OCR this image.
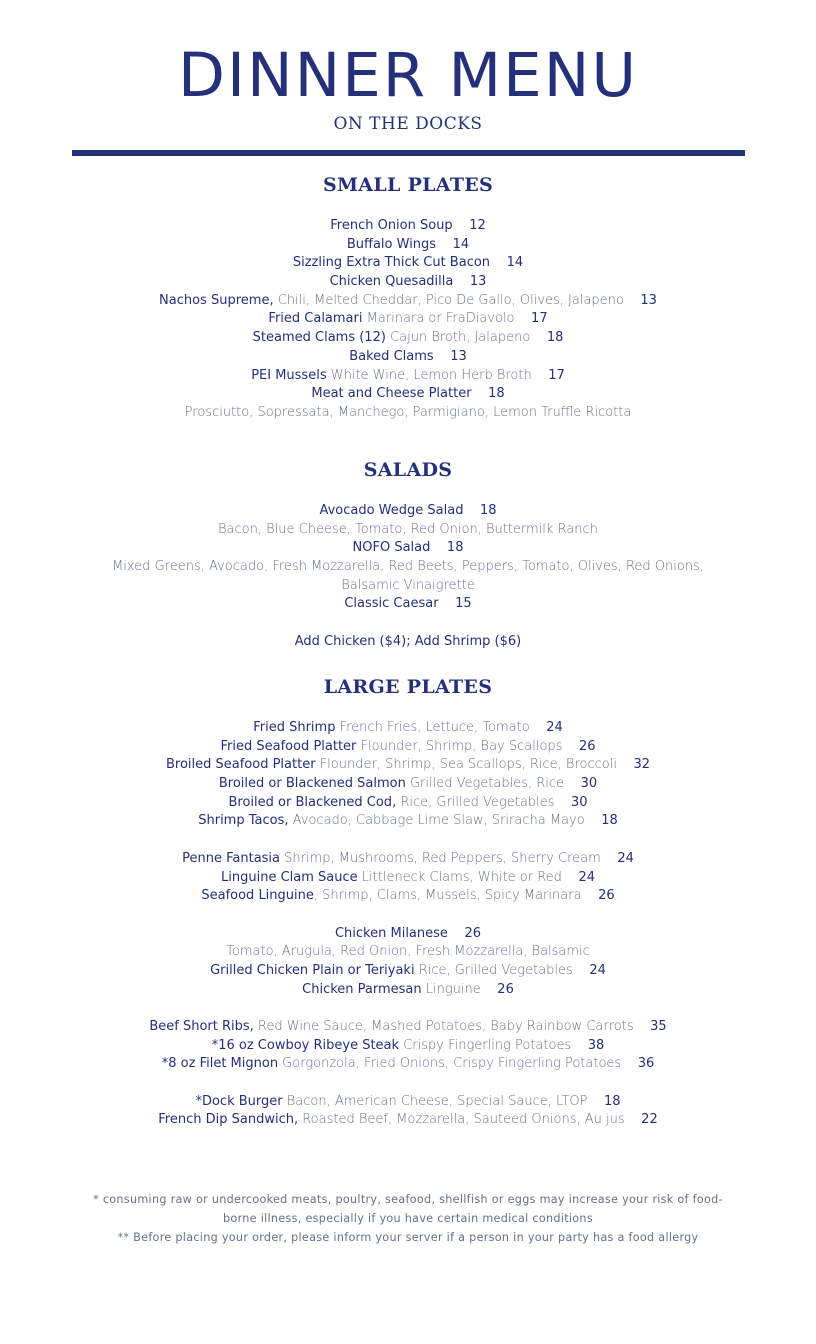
DINNER MENU
ON THE DOCKS
SMALL PLATES
French Onion Soup 12
Buffalo Wings 14
Sizzling Extra Thick Cut Bacon 14
Chicken Quesadilla 13
Nachos Supreme, Chili, Melted Cheddar, Pico De Gallo, Olives, Jalapeno 13
Fried Calamari Marinara or FraDiavolo 17
Steamed Clams (12) Cajun Broth, Jalapeno 18
Baked Clams 13
PEI Mussels White Wine, Lemon Herb Broth 17
Meat and Cheese Platter 18
Prosciutto, Sopressata, Manchego, Parmigiano, Lemon Truffle Ricotta
SALADS
Avocado Wedge Salad 18
Bacon, Blue Cheese, Tomato, Red Onion, Buttermilk Ranch
NOFO Salad 18
Mixed Greens, Avocado, Fresh Mozzarella, Red Beets, Peppers, Tomato, Olives, Red Onions,
Balsamic Vinaigrette
Classic Caesar 15
Add Chicken ($4); Add Shrimp ($6)
LARGE PLATES
Fried Shrimp French Fries, Lettuce, Tomato 24
Fried Seafood Platter Flounder, Shrimp, Bay Scallops 26
Broiled Seafood Platter Flounder, Shrimp, Sea Scallops, Rice, Broccoli 32
Broiled or Blackened Salmon Grilled Vegetables, Rice 30
Broiled or Blackened Cod, Rice, Grilled Vegetables 30
Shrimp Tacos, Avocado, Cabbage Lime Slaw, Sriracha Mayo 18
Penne Fantasia Shrimp, Mushrooms, Red Peppers, Sherry Cream 24
Linguine Clam Sauce Littleneck Clams, White or Red 24
Seafood Linguine, Shrimp, Clams, Mussels, Spicy Marinara 26
Chicken Milanese 26
Tomato, Arugula, Red Onion, Fresh Mozzarella, Balsamic
Grilled Chicken Plain or Teriyaki Rice, Grilled Vegetables 24
Chicken Parmesan Linguine 26
Beef Short Ribs, Red Wine Sauce, Mashed Potatoes, Baby Rainbow Carrots 35
*16 oz Cowboy Ribeye Steak Crispy Fingerling Potatoes 38
*8 oz Filet Mignon Gorgonzola, Fried Onions, Crispy Fingerling Potatoes 36
*Dock Burger Bacon, American Cheese, Special Sauce, LTOP 18
French Dip Sandwich, Roasted Beef, Mozzarella, Sauteed Onions, Au jus 22
* consuming raw or undercooked meats, poultry, seafood, shellfish or eggs may increase your risk of food-
borne illness, especially if you have certain medical conditions
** Before placing your order, please inform your server if a person in your party has a food allergy
